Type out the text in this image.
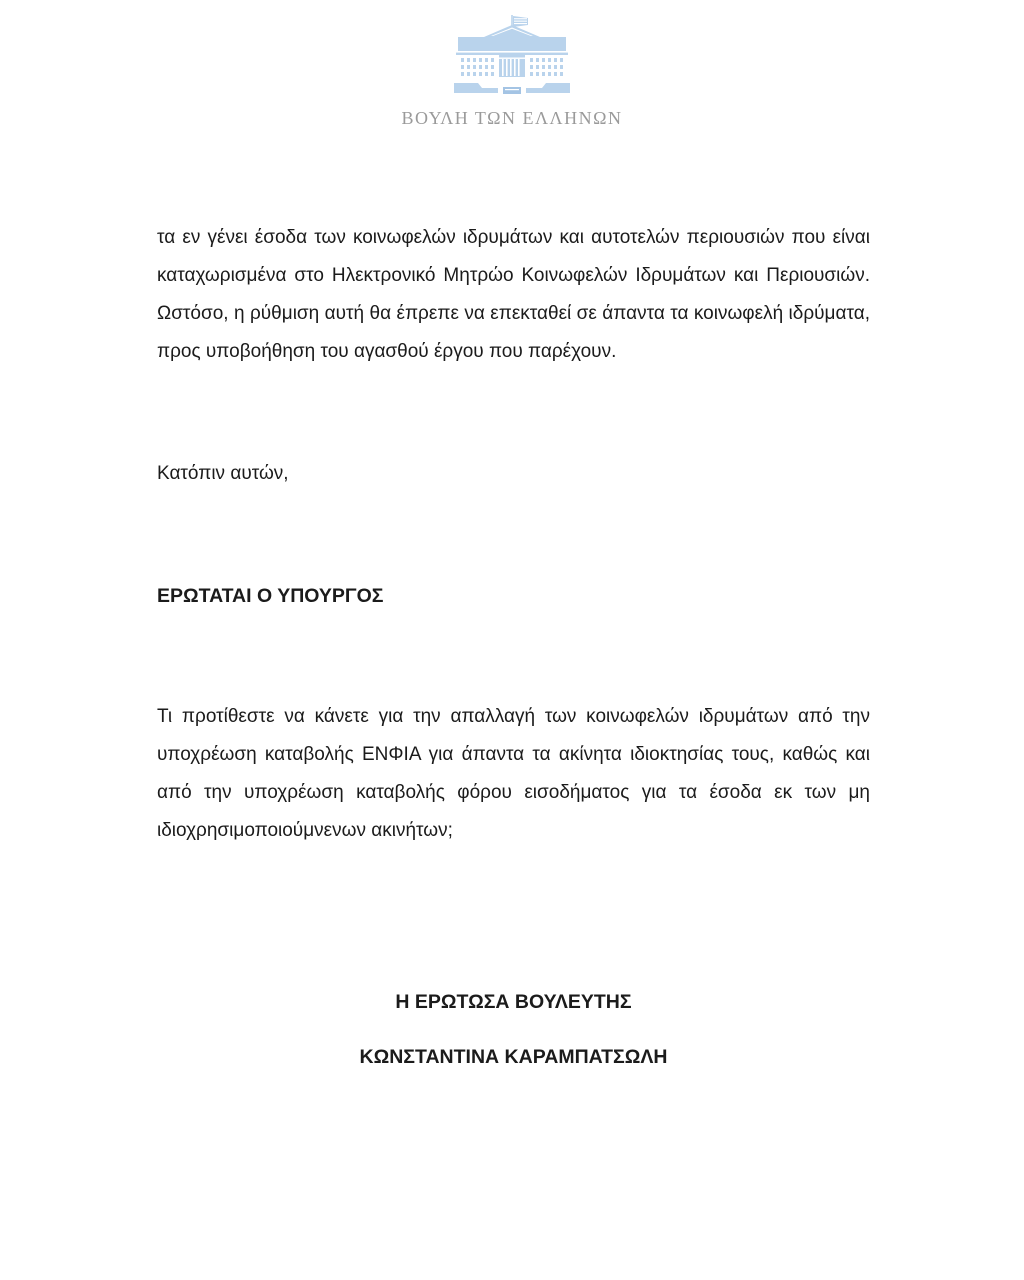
ΒΟΥΛΗ ΤΩΝ ΕΛΛΗΝΩΝ

τα εν γένει έσοδα των κοινωφελών ιδρυμάτων και αυτοτελών περιουσιών που είναι καταχωρισμένα στο Ηλεκτρονικό Μητρώο Κοινωφελών Ιδρυμάτων και Περιουσιών. Ωστόσο, η ρύθμιση αυτή θα έπρεπε να επεκταθεί σε άπαντα τα κοινωφελή ιδρύματα, προς υποβοήθηση του αγασθού έργου που παρέχουν.

Κατόπιν αυτών,

ΕΡΩΤΑΤΑΙ Ο ΥΠΟΥΡΓΟΣ

Τι προτίθεστε να κάνετε για την απαλλαγή των κοινωφελών ιδρυμάτων από την υποχρέωση καταβολής ΕΝΦΙΑ για άπαντα τα ακίνητα ιδιοκτησίας τους, καθώς και από την υποχρέωση καταβολής φόρου εισοδήματος για τα έσοδα εκ των μη ιδιοχρησιμοποιούμνενων ακινήτων;

Η ΕΡΩΤΩΣΑ ΒΟΥΛΕΥΤΗΣ

ΚΩΝΣΤΑΝΤΙΝΑ ΚΑΡΑΜΠΑΤΣΩΛΗ
